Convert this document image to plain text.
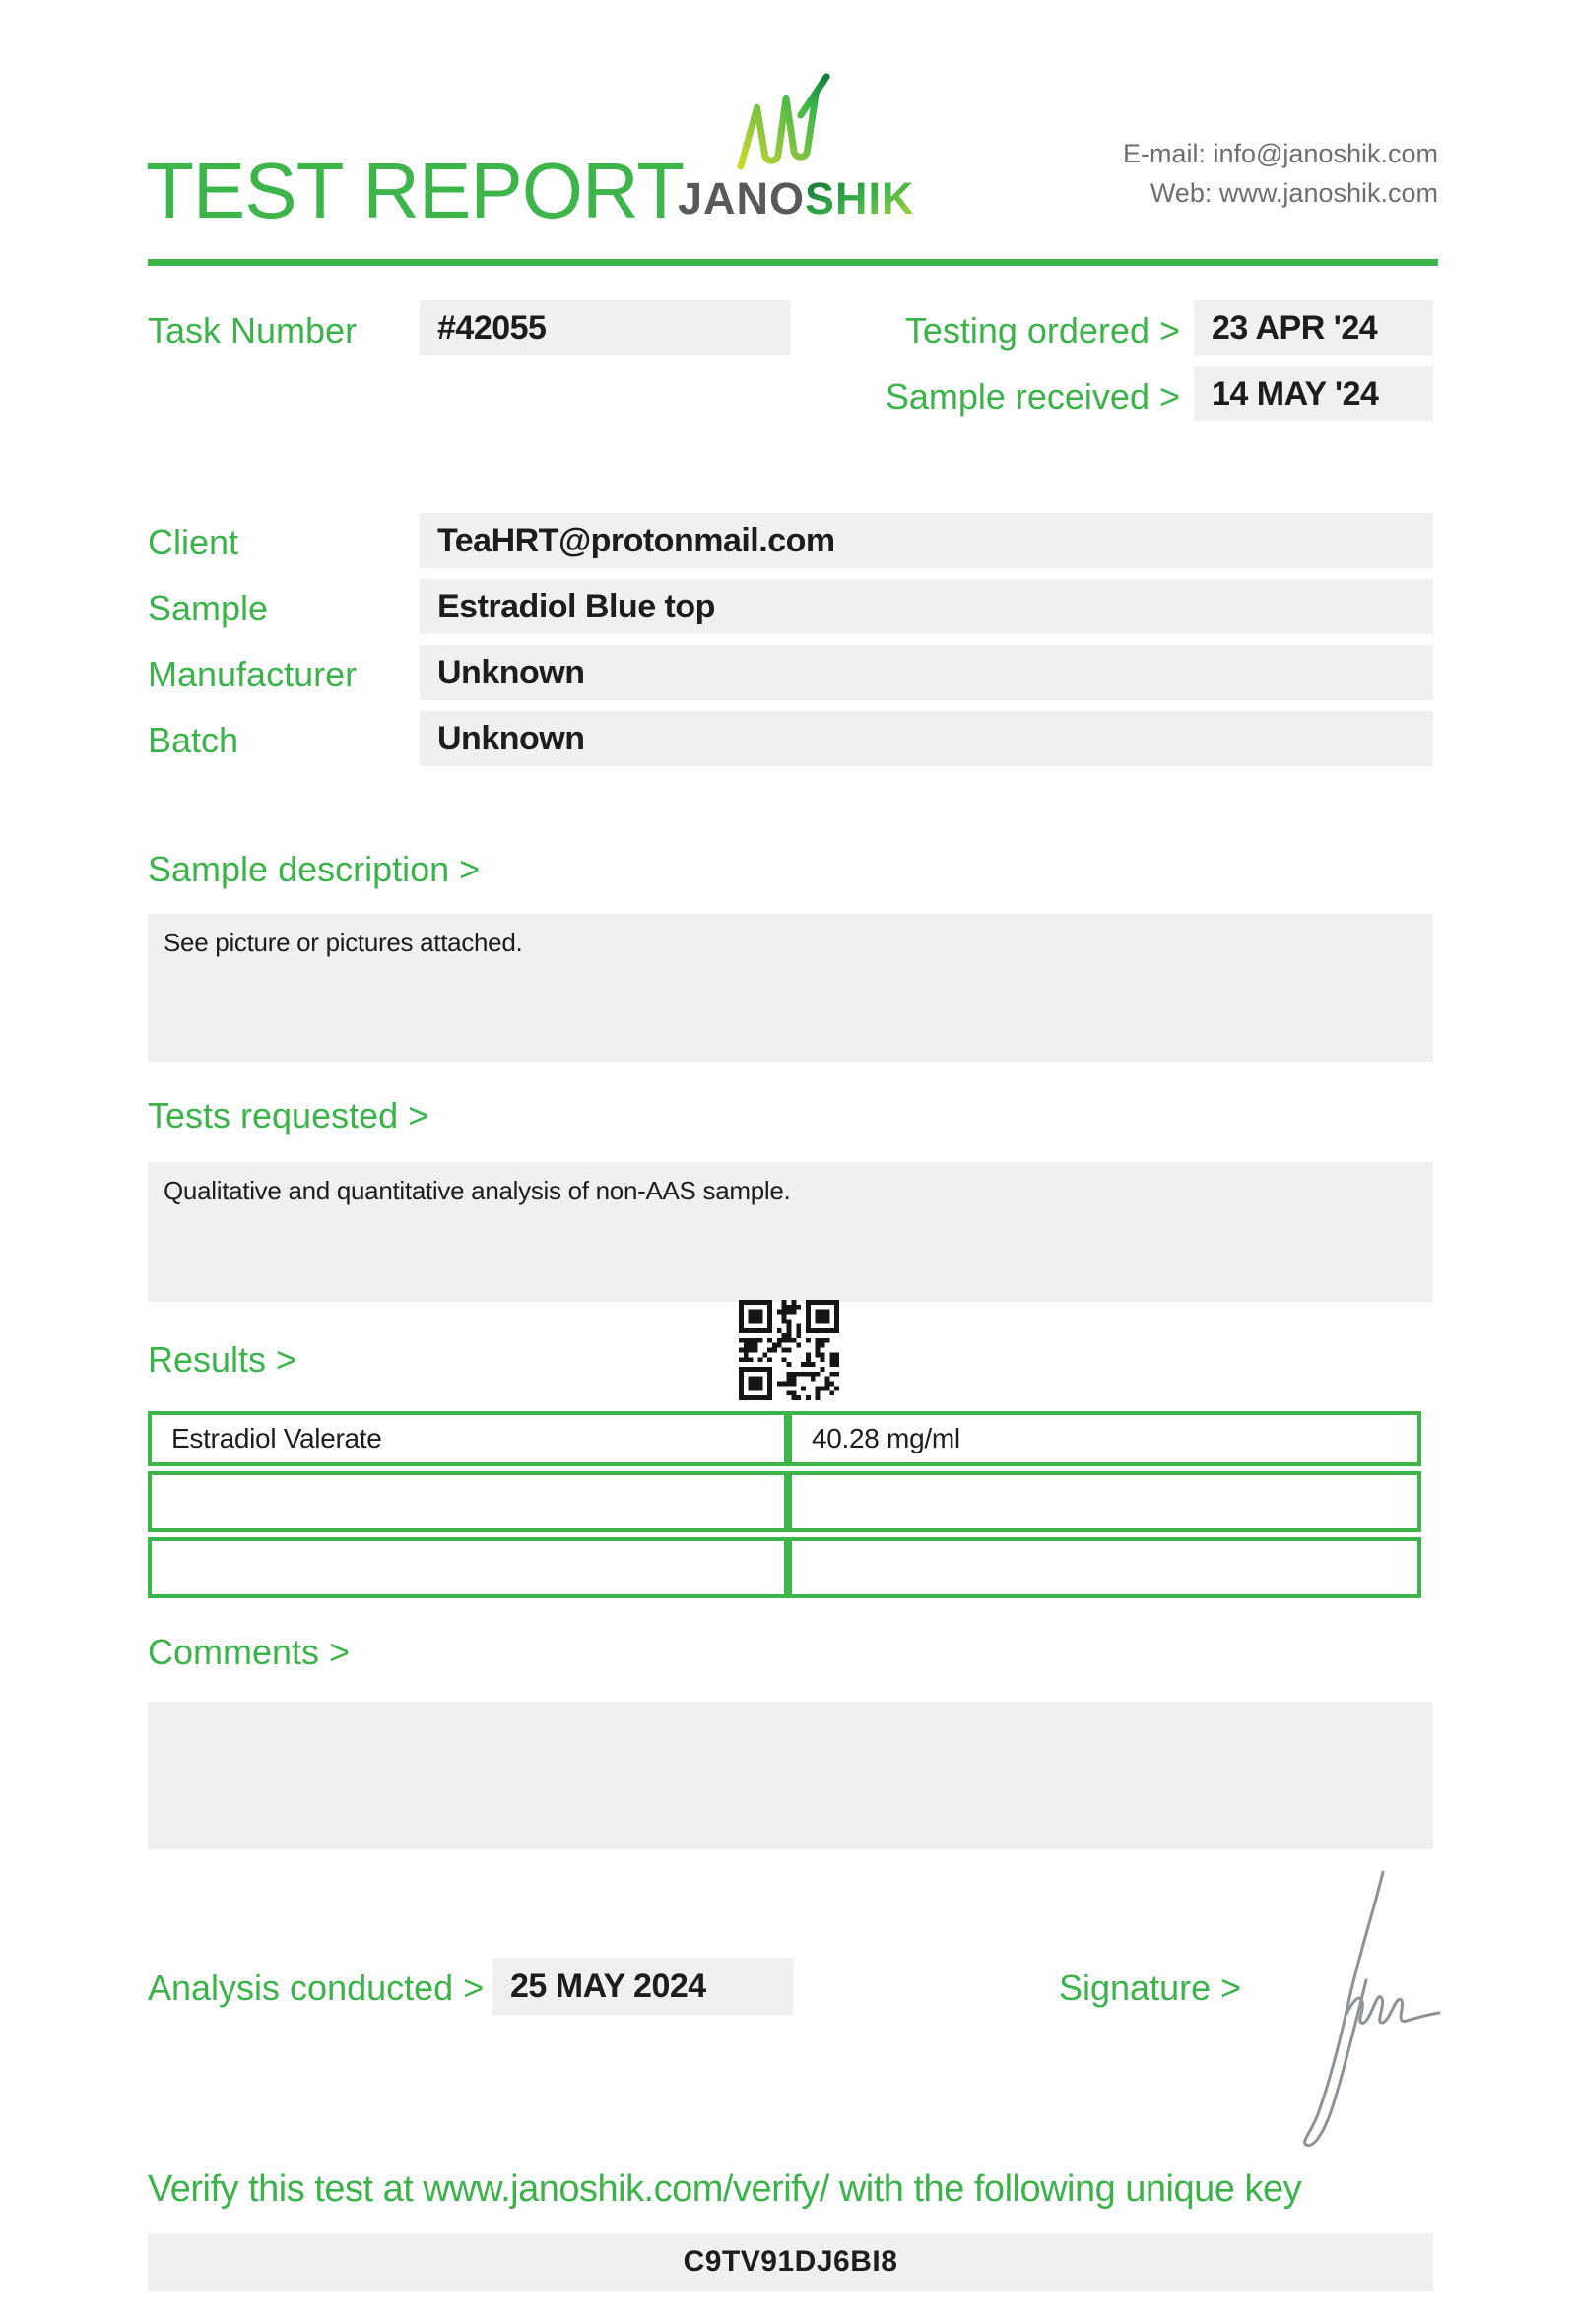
TEST REPORT
JANOSHIK
E-mail: info@janoshik.com
Web: www.janoshik.com
Task Number	#42055	Testing ordered > 23 APR '24
Sample received > 14 MAY '24
Client	TeaHRT@protonmail.com
Sample	Estradiol Blue top
Manufacturer	Unknown
Batch	Unknown
Sample description >
See picture or pictures attached.
Tests requested >
Qualitative and quantitative analysis of non-AAS sample.
Results >
Estradiol Valerate	40.28 mg/ml

Comments >
Analysis conducted > 25 MAY 2024	Signature >
Verify this test at www.janoshik.com/verify/ with the following unique key
C9TV91DJ6BI8
